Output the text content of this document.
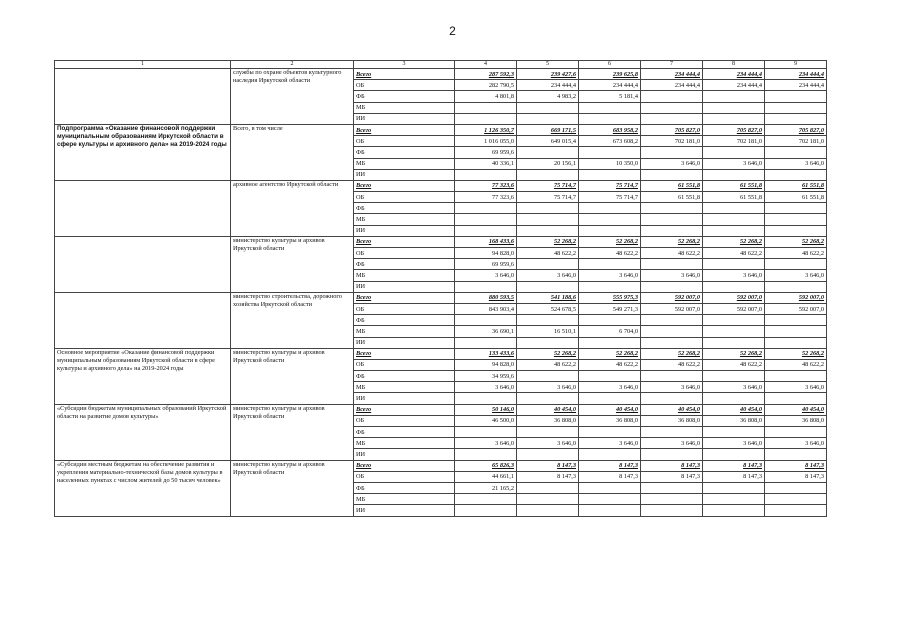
2
1	2	3	4	5	6	7	8	9
	службы по охране объектов культурного наследия Иркутской области	Всего	287 592,3	239 427,6	239 625,8	234 444,4	234 444,4	234 444,4
		ОБ	282 790,5	234 444,4	234 444,4	234 444,4	234 444,4	234 444,4
		ФБ	4 801,8	4 983,2	5 181,4			
		МБ						
		ИИ						
Подпрограмма «Оказание финансовой поддержки муниципальным образованиям Иркутской области в сфере культуры и архивного дела» на 2019-2024 годы	Всего, в том числе	Всего	1 126 350,7	669 171,5	683 958,2	705 827,0	705 827,0	705 827,0
		ОБ	1 016 055,0	649 015,4	673 608,2	702 181,0	702 181,0	702 181,0
		ФБ	69 959,6					
		МБ	40 336,1	20 156,1	10 350,0	3 646,0	3 646,0	3 646,0
		ИИ						
	архивное агентство Иркутской области	Всего	77 323,6	75 714,7	75 714,7	61 551,8	61 551,8	61 551,8
		ОБ	77 323,6	75 714,7	75 714,7	61 551,8	61 551,8	61 551,8
		ФБ						
		МБ						
		ИИ						
	министерство культуры и архивов Иркутской области	Всего	168 433,6	52 268,2	52 268,2	52 268,2	52 268,2	52 268,2
		ОБ	94 828,0	48 622,2	48 622,2	48 622,2	48 622,2	48 622,2
		ФБ	69 959,6					
		МБ	3 646,0	3 646,0	3 646,0	3 646,0	3 646,0	3 646,0
		ИИ						
	министерство строительства, дорожного хозяйства Иркутской области	Всего	880 593,5	541 188,6	555 975,3	592 007,0	592 007,0	592 007,0
		ОБ	843 903,4	524 678,5	549 271,3	592 007,0	592 007,0	592 007,0
		ФБ						
		МБ	36 690,1	16 510,1	6 704,0			
		ИИ						
Основное мероприятие «Оказание финансовой поддержки муниципальным образованиям Иркутской области в сфере культуры и архивного дела» на 2019-2024 годы	министерство культуры и архивов Иркутской области	Всего	133 433,6	52 268,2	52 268,2	52 268,2	52 268,2	52 268,2
		ОБ	94 828,0	48 622,2	48 622,2	48 622,2	48 622,2	48 622,2
		ФБ	34 959,6					
		МБ	3 646,0	3 646,0	3 646,0	3 646,0	3 646,0	3 646,0
		ИИ						
«Субсидии бюджетам муниципальных образований Иркутской области на развитие домов культуры»	министерство культуры и архивов Иркутской области	Всего	50 146,0	40 454,0	40 454,0	40 454,0	40 454,0	40 454,0
		ОБ	46 500,0	36 808,0	36 808,0	36 808,0	36 808,0	36 808,0
		ФБ						
		МБ	3 646,0	3 646,0	3 646,0	3 646,0	3 646,0	3 646,0
		ИИ						
«Субсидии местным бюджетам на обеспечение развития и укрепления материально-технической базы домов культуры в населенных пунктах с числом жителей до 50 тысяч человек»	министерство культуры и архивов Иркутской области	Всего	65 826,3	8 147,3	8 147,3	8 147,3	8 147,3	8 147,3
		ОБ	44 661,1	8 147,3	8 147,3	8 147,3	8 147,3	8 147,3
		ФБ	21 165,2					
		МБ						
		ИИ						
